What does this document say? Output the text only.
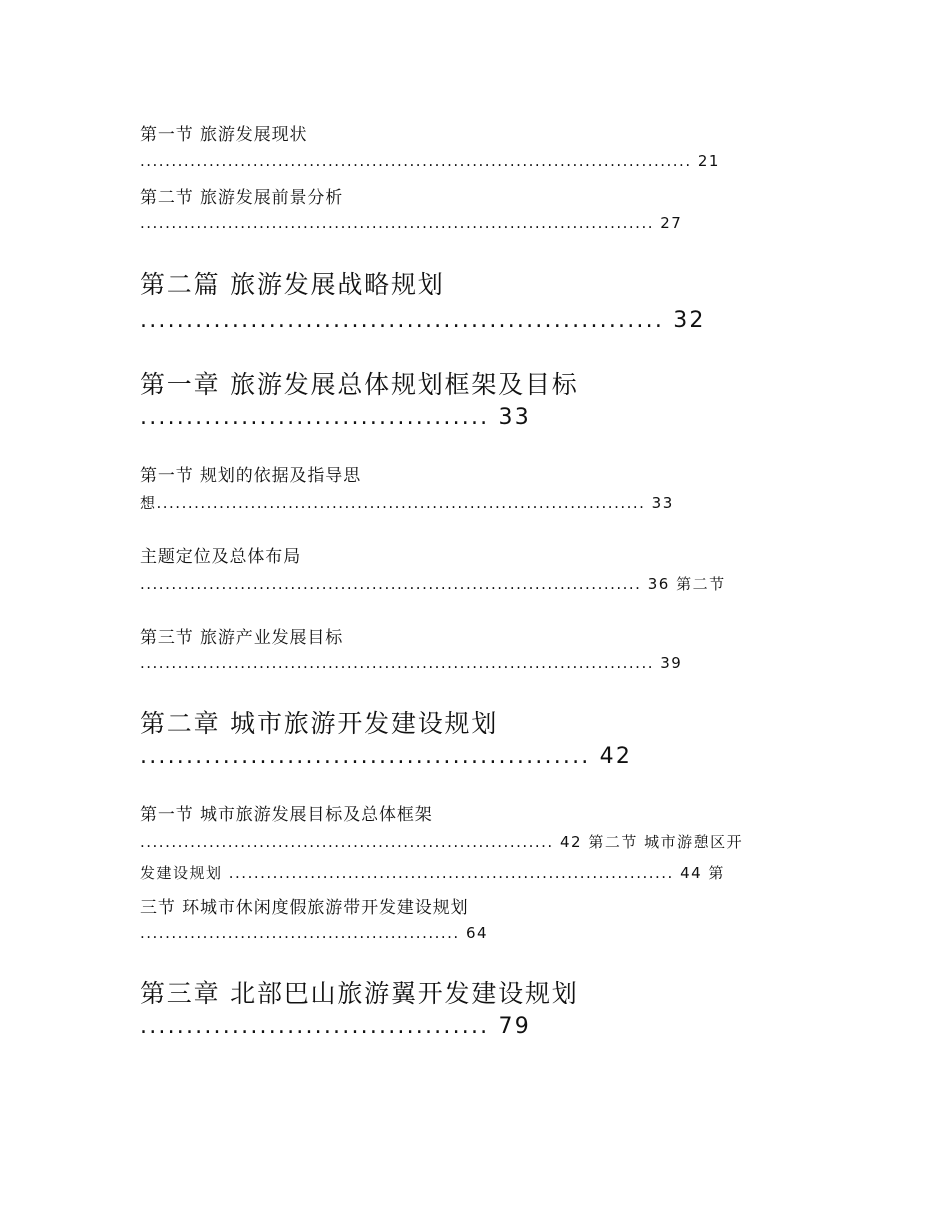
第一节 旅游发展现状

........................................................................................ 21

第二节 旅游发展前景分析

.................................................................................. 27

第二篇 旅游发展战略规划

......................................................... 32

第一章 旅游发展总体规划框架及目标

...................................... 33

第一节 规划的依据及指导思

想.............................................................................. 33

主题定位及总体布局

................................................................................ 36 第二节

第三节 旅游产业发展目标

.................................................................................. 39

第二章 城市旅游开发建设规划

................................................. 42

第一节 城市旅游发展目标及总体框架

.................................................................. 42 第二节 城市游憩区开

发建设规划 ....................................................................... 44 第

三节 环城市休闲度假旅游带开发建设规划

................................................... 64

第三章 北部巴山旅游翼开发建设规划

...................................... 79
